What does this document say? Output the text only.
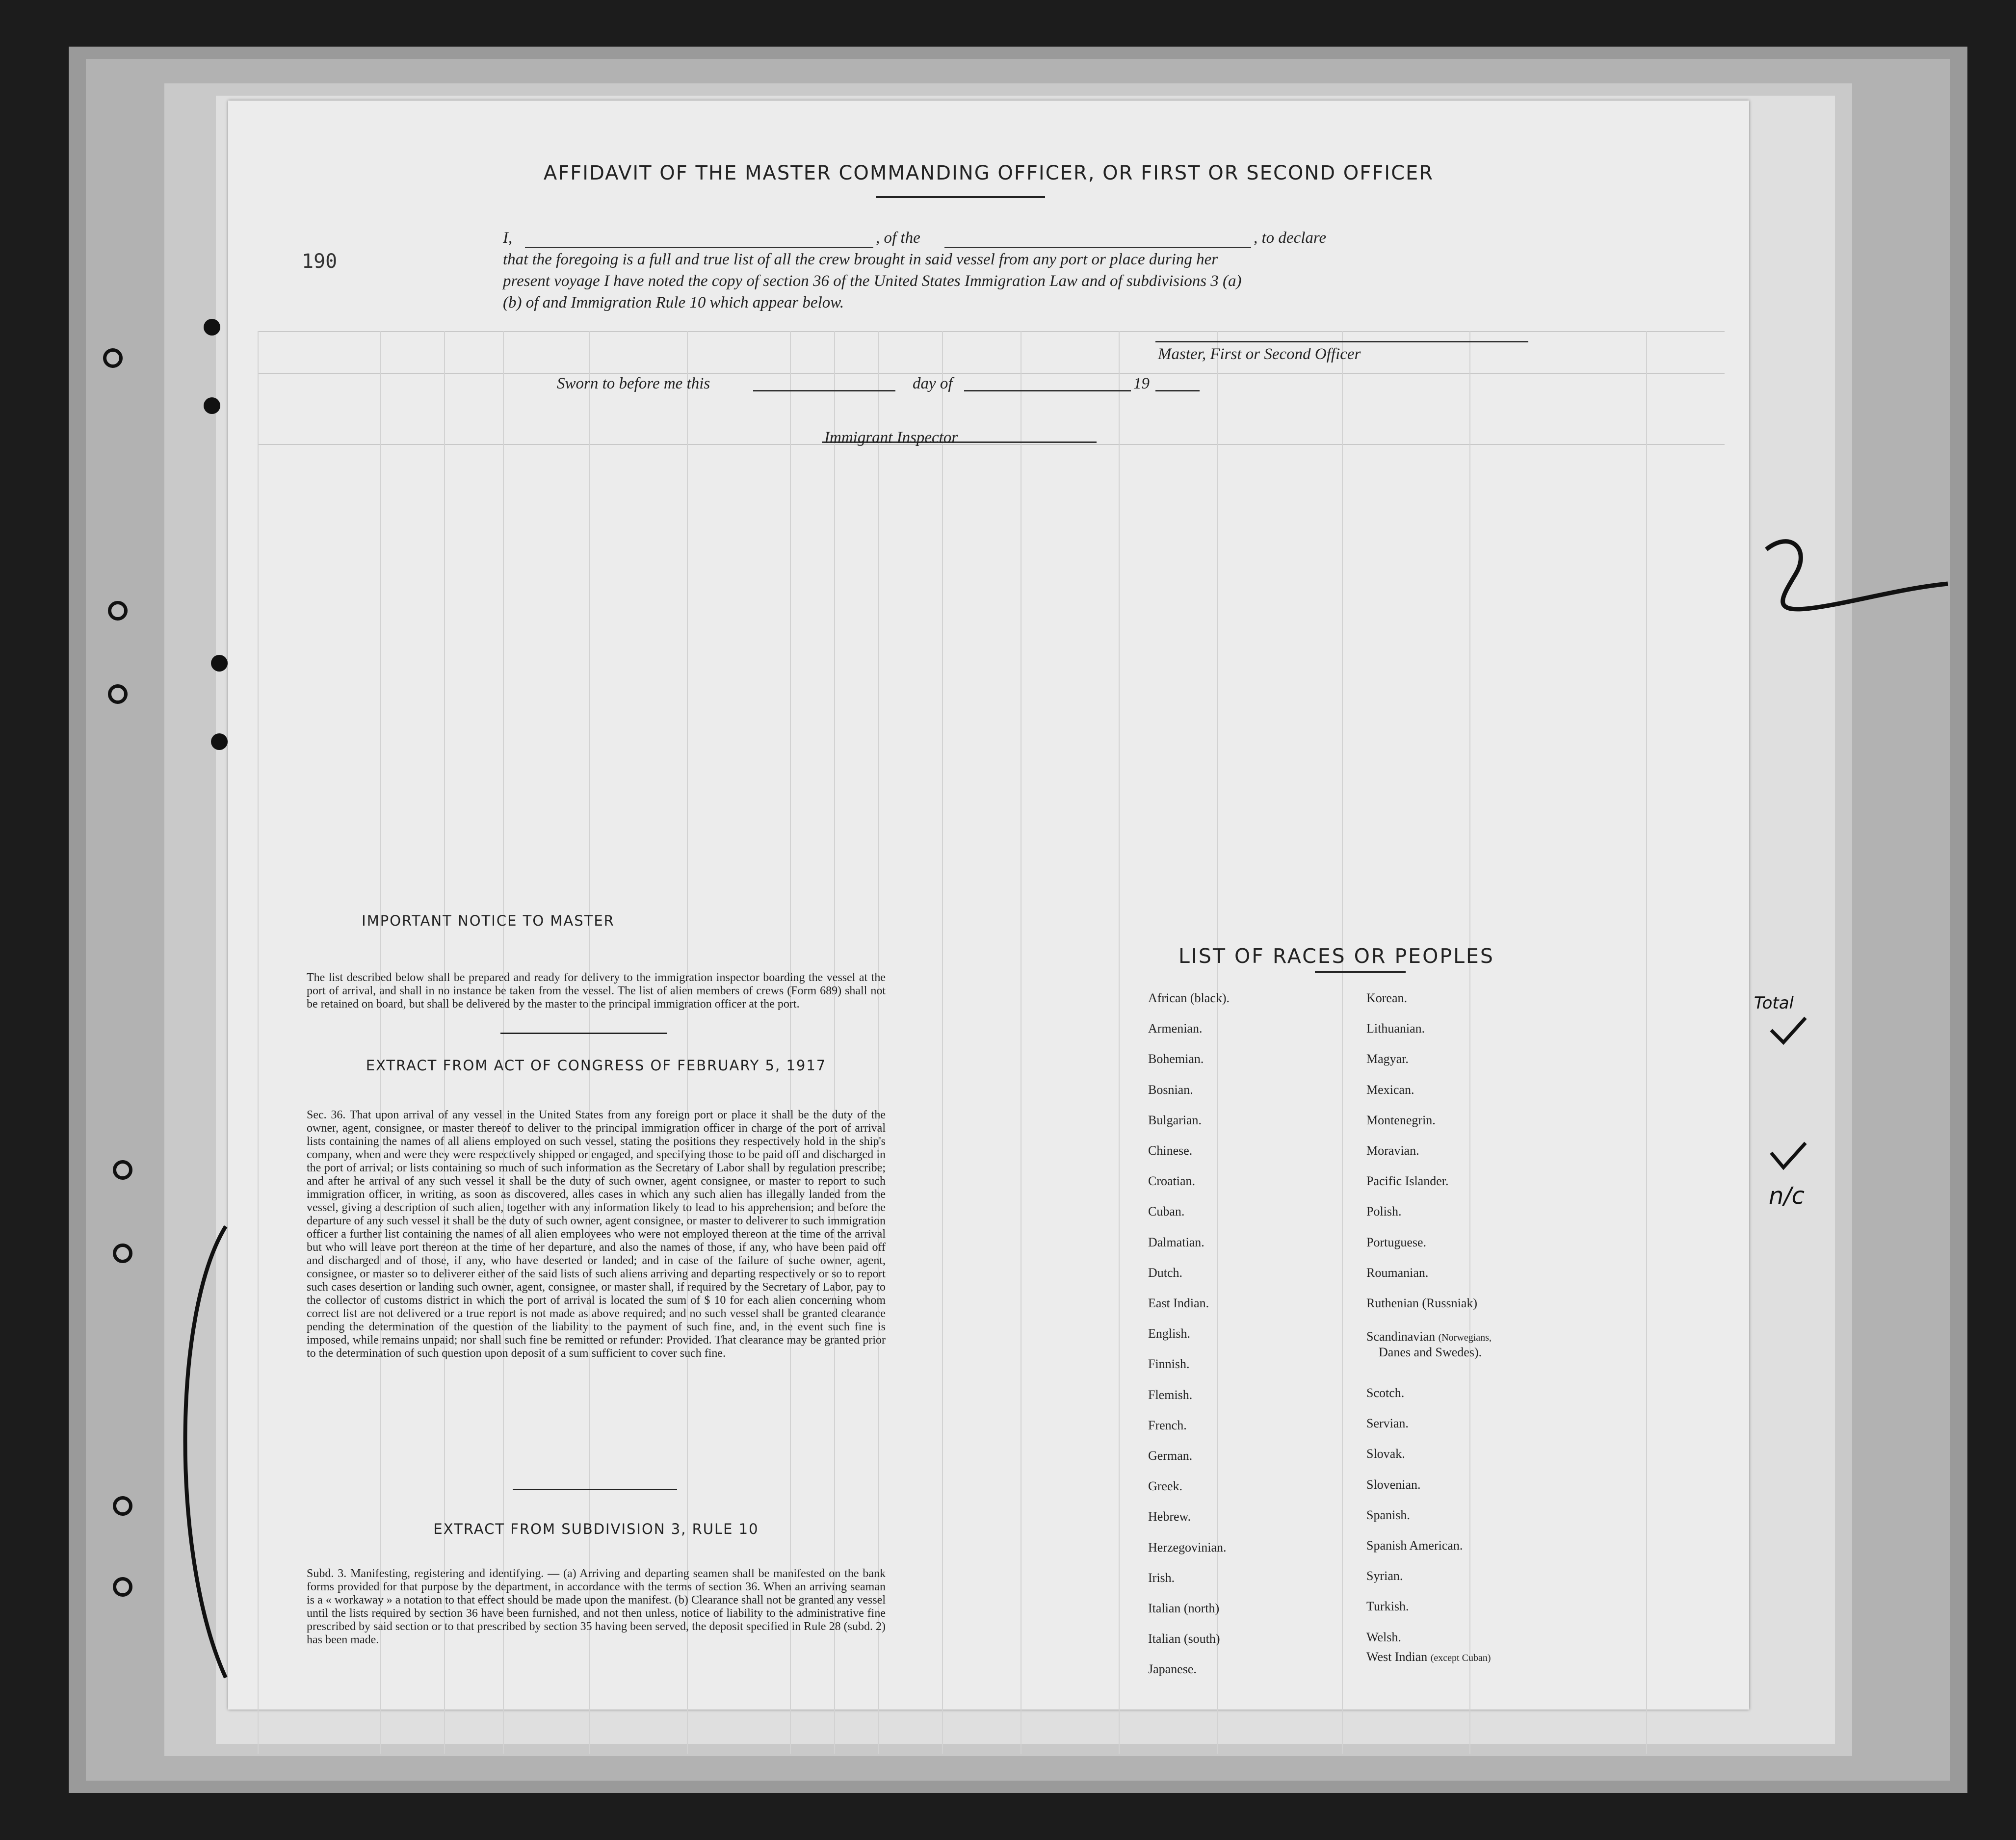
n/c
Total
190
AFFIDAVIT OF THE MASTER COMMANDING OFFICER, OR FIRST OR SECOND OFFICER
I,	, of the	, to declare
that the foregoing is a full and true list of all the crew brought in said vessel from any port or place during her
present voyage I have noted the copy of section 36 of the United States Immigration Law and of subdivisions 3 (a)
(b) of and Immigration Rule 10 which appear below.
Master, First or Second Officer
Sworn to before me this	day of	19
Immigrant Inspector
IMPORTANT NOTICE TO MASTER
The list described below shall be prepared and ready for delivery to the immigration inspector boarding the vessel at the port of arrival, and shall in no instance be taken from the vessel. The list of alien members of crews (Form 689) shall not be retained on board, but shall be delivered by the master to the principal immigration officer at the port.
EXTRACT FROM ACT OF CONGRESS OF FEBRUARY 5, 1917
Sec. 36. That upon arrival of any vessel in the United States from any foreign port or place it shall be the duty of the owner, agent, consignee, or master thereof to deliver to the principal immigration officer in charge of the port of arrival lists containing the names of all aliens employed on such vessel, stating the positions they respectively hold in the ship's company, when and were they were respectively shipped or engaged, and specifying those to be paid off and discharged in the port of arrival; or lists containing so much of such information as the Secretary of Labor shall by regulation prescribe; and after he arrival of any such vessel it shall be the duty of such owner, agent consignee, or master to report to such immigration officer, in writing, as soon as discovered, alles cases in which any such alien has illegally landed from the vessel, giving a description of such alien, together with any information likely to lead to his apprehension; and before the departure of any such vessel it shall be the duty of such owner, agent consignee, or master to deliverer to such immigration officer a further list containing the names of all alien employees who were not employed thereon at the time of the arrival but who will leave port thereon at the time of her departure, and also the names of those, if any, who have been paid off and discharged and of those, if any, who have deserted or landed; and in case of the failure of suche owner, agent, consignee, or master so to deliverer either of the said lists of such aliens arriving and departing respectively or so to report such cases desertion or landing such owner, agent, consignee, or master shall, if required by the Secretary of Labor, pay to the collector of customs district in which the port of arrival is located the sum of $ 10 for each alien concerning whom correct list are not delivered or a true report is not made as above required; and no such vessel shall be granted clearance pending the determination of the question of the liability to the payment of such fine, and, in the event such fine is imposed, while remains unpaid; nor shall such fine be remitted or refunder: Provided. That clearance may be granted prior to the determination of such question upon deposit of a sum sufficient to cover such fine.
EXTRACT FROM SUBDIVISION 3, RULE 10
Subd. 3. Manifesting, registering and identifying. — (a) Arriving and departing seamen shall be manifested on the bank forms provided for that purpose by the department, in accordance with the terms of section 36. When an arriving seaman is a « workaway » a notation to that effect should be made upon the manifest. (b) Clearance shall not be granted any vessel until the lists required by section 36 have been furnished, and not then unless, notice of liability to the administrative fine prescribed by said section or to that prescribed by section 35 having been served, the deposit specified in Rule 28 (subd. 2) has been made.
LIST OF RACES OR PEOPLES
Scandinavian (Norwegians,
Danes and Swedes).
West Indian (except Cuban)
African (black).
Armenian.
Bohemian.
Bosnian.
Bulgarian.
Chinese.
Croatian.
Cuban.
Dalmatian.
Dutch.
East Indian.
English.
Finnish.
Flemish.
French.
German.
Greek.
Hebrew.
Herzegovinian.
Irish.
Italian (north)
Italian (south)
Japanese.
Korean.
Lithuanian.
Magyar.
Mexican.
Montenegrin.
Moravian.
Pacific Islander.
Polish.
Portuguese.
Roumanian.
Ruthenian (Russniak)
Scotch.
Servian.
Slovak.
Slovenian.
Spanish.
Spanish American.
Syrian.
Turkish.
Welsh.
